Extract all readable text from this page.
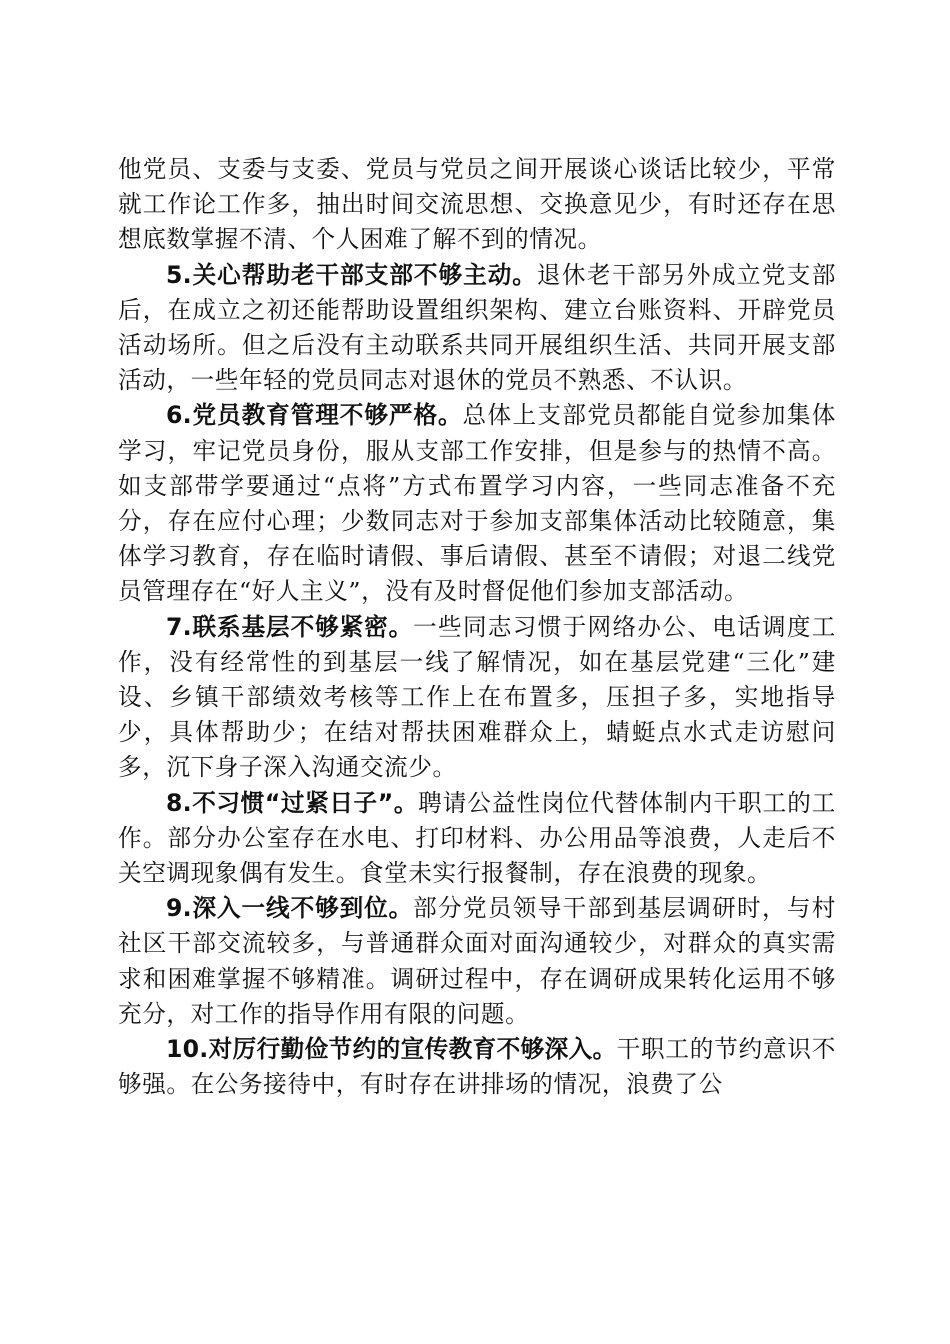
他党员、支委与支委、党员与党员之间开展谈心谈话比较少，平常就工作论工作多，抽出时间交流思想、交换意见少，有时还存在思想底数掌握不清、个人困难了解不到的情况。

5.关心帮助老干部支部不够主动。退休老干部另外成立党支部后，在成立之初还能帮助设置组织架构、建立台账资料、开辟党员活动场所。但之后没有主动联系共同开展组织生活、共同开展支部活动，一些年轻的党员同志对退休的党员不熟悉、不认识。

6.党员教育管理不够严格。总体上支部党员都能自觉参加集体学习，牢记党员身份，服从支部工作安排，但是参与的热情不高。如支部带学要通过“点将”方式布置学习内容，一些同志准备不充分，存在应付心理；少数同志对于参加支部集体活动比较随意，集体学习教育，存在临时请假、事后请假、甚至不请假；对退二线党员管理存在“好人主义”，没有及时督促他们参加支部活动。

7.联系基层不够紧密。一些同志习惯于网络办公、电话调度工作，没有经常性的到基层一线了解情况，如在基层党建“三化”建设、乡镇干部绩效考核等工作上在布置多，压担子多，实地指导少，具体帮助少；在结对帮扶困难群众上，蜻蜓点水式走访慰问多，沉下身子深入沟通交流少。

8.不习惯“过紧日子”。聘请公益性岗位代替体制内干职工的工作。部分办公室存在水电、打印材料、办公用品等浪费，人走后不关空调现象偶有发生。食堂未实行报餐制，存在浪费的现象。

9.深入一线不够到位。部分党员领导干部到基层调研时，与村社区干部交流较多，与普通群众面对面沟通较少，对群众的真实需求和困难掌握不够精准。调研过程中，存在调研成果转化运用不够充分，对工作的指导作用有限的问题。

10.对厉行勤俭节约的宣传教育不够深入。干职工的节约意识不够强。在公务接待中，有时存在讲排场的情况，浪费了公
